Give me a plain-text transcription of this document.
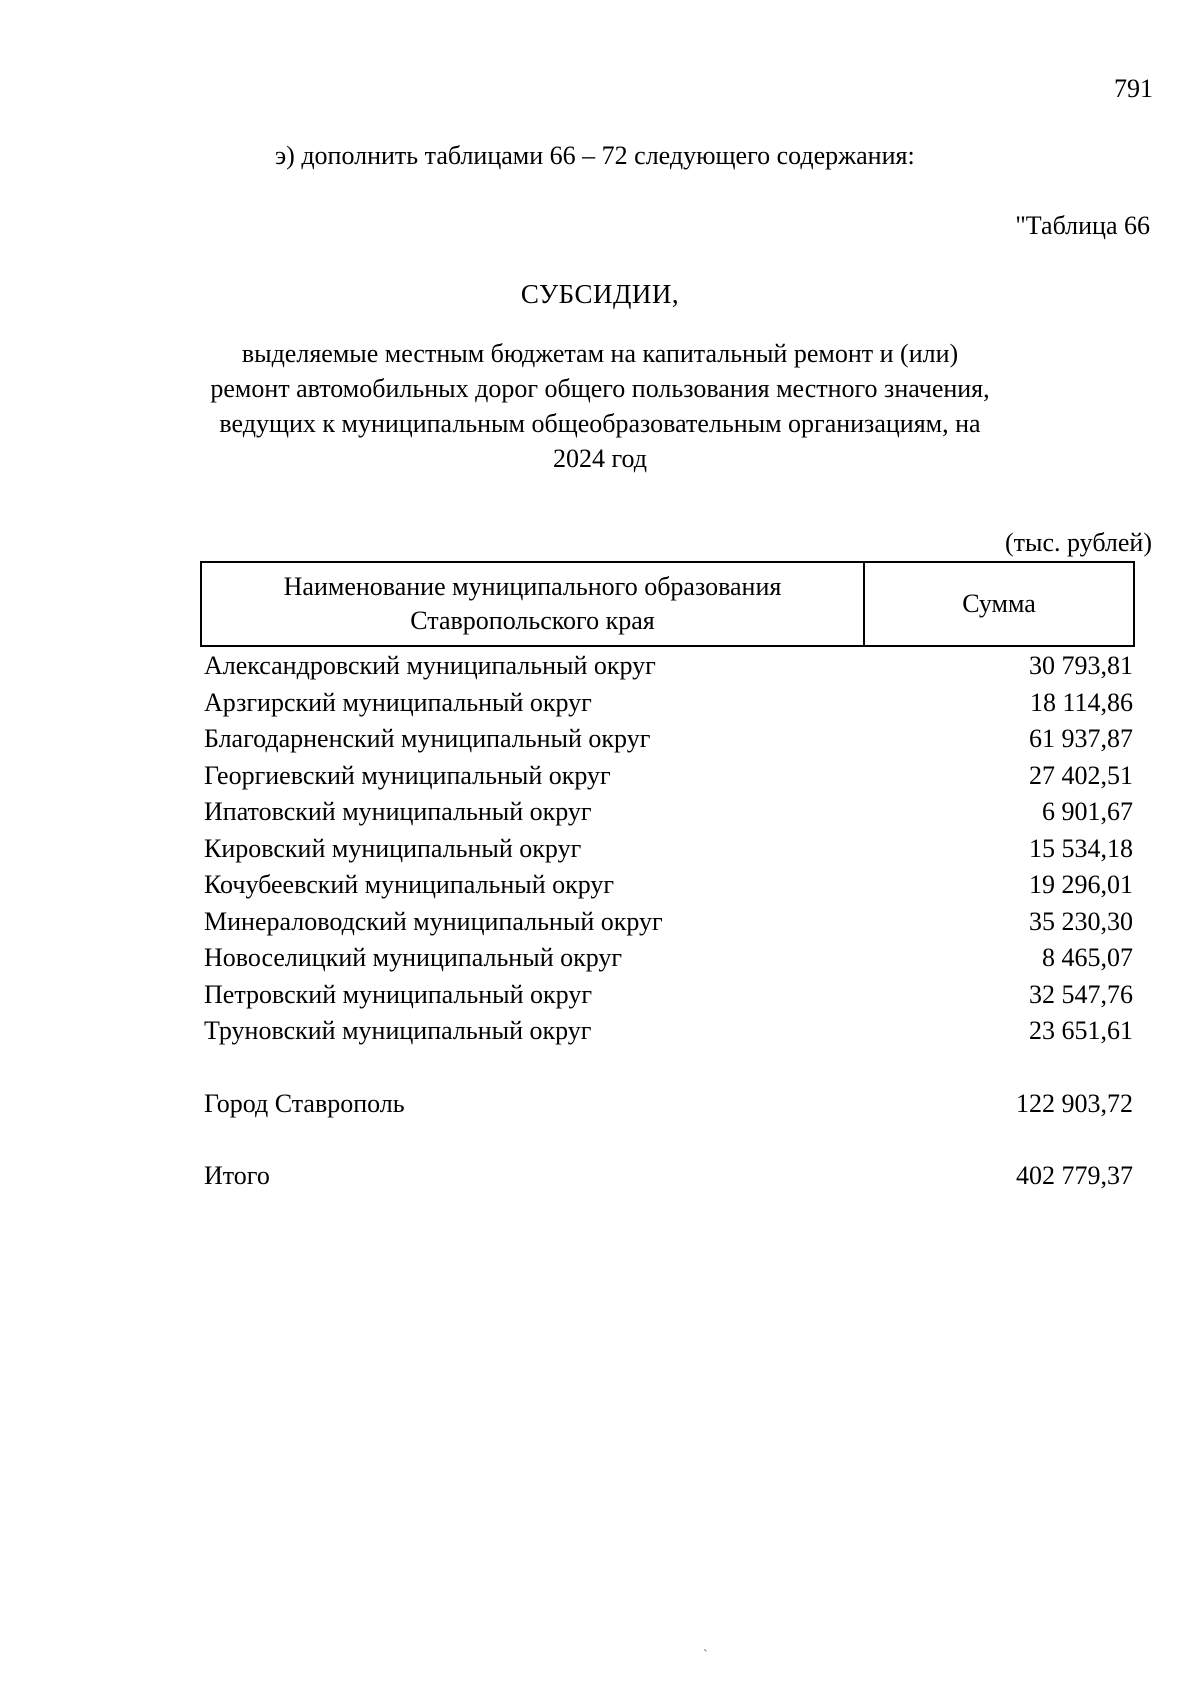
791
э) дополнить таблицами 66 – 72 следующего содержания:
"Таблица 66
СУБСИДИИ,
выделяемые местным бюджетам на капитальный ремонт и (или) ремонт автомобильных дорог общего пользования местного значения, ведущих к муниципальным общеобразовательным организациям, на 2024 год
(тыс. рублей)
Наименование муниципального образования Ставропольского края
Сумма
Александровский муниципальный округ	30 793,81
Арзгирский муниципальный округ	18 114,86
Благодарненский муниципальный округ	61 937,87
Георгиевский муниципальный округ	27 402,51
Ипатовский муниципальный округ	6 901,67
Кировский муниципальный округ	15 534,18
Кочубеевский муниципальный округ	19 296,01
Минераловодский муниципальный округ	35 230,30
Новоселицкий муниципальный округ	8 465,07
Петровский муниципальный округ	32 547,76
Труновский муниципальный округ	23 651,61
Город Ставрополь	122 903,72
Итого	402 779,37
`
